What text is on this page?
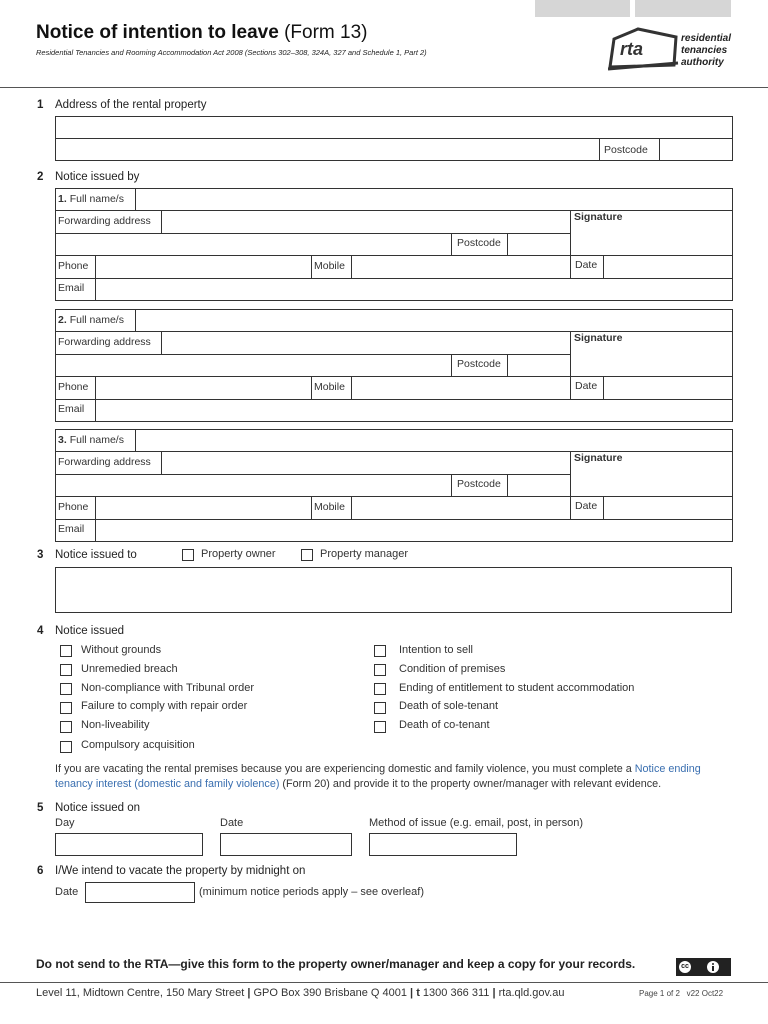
Notice of intention to leave (Form 13)
Residential Tenancies and Rooming Accommodation Act 2008 (Sections 302–308, 324A, 327 and Schedule 1, Part 2)	rta
residential
tenancies
authority
1 Address of the rental property
Postcode
2 Notice issued by
1. Full name/s
Forwarding address	Signature
Postcode
Phone	Mobile	Date
Email
2. Full name/s
Forwarding address	Signature
Postcode
Phone	Mobile	Date
Email
3. Full name/s
Forwarding address	Signature
Postcode
Phone	Mobile	Date
Email
3 Notice issued to	Property owner	Property manager
4 Notice issued
Without grounds
Unremedied breach
Non-compliance with Tribunal order
Failure to comply with repair order
Non-liveability
Compulsory acquisition
Intention to sell
Condition of premises
Ending of entitlement to student accommodation
Death of sole-tenant
Death of co-tenant
If you are vacating the rental premises because you are experiencing domestic and family violence, you must complete a Notice ending
tenancy interest (domestic and family violence) (Form 20) and provide it to the property owner/manager with relevant evidence.
5 Notice issued on
Day	Date	Method of issue (e.g. email, post, in person)
6 I/We intend to vacate the property by midnight on
Date	(minimum notice periods apply – see overleaf)
Do not send to the RTA—give this form to the property owner/manager and keep a copy for your records.	cc
Level 11, Midtown Centre, 150 Mary Street | GPO Box 390 Brisbane Q 4001 | t 1300 366 311 | rta.qld.gov.au	Page 1 of 2 v22 Oct22
